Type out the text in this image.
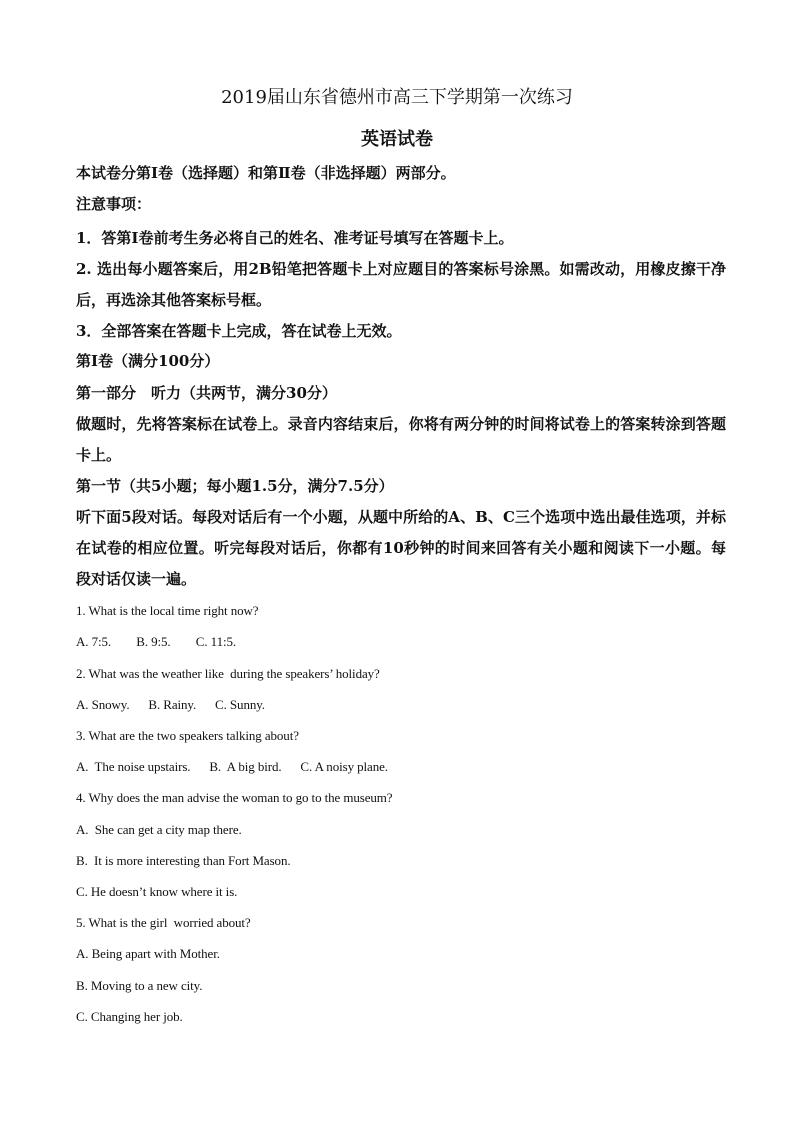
2019届山东省德州市高三下学期第一次练习
英语试卷
本试卷分第Ⅰ卷（选择题）和第Ⅱ卷（非选择题）两部分。
注意事项：
1．答第Ⅰ卷前考生务必将自己的姓名、准考证号填写在答题卡上。
2. 选出每小题答案后，用2B铅笔把答题卡上对应题目的答案标号涂黑。如需改动，用橡皮擦干净后，再选涂其他答案标号框。
3．全部答案在答题卡上完成，答在试卷上无效。
第Ⅰ卷（满分100分）
第一部分　听力（共两节，满分30分）
做题时，先将答案标在试卷上。录音内容结束后，你将有两分钟的时间将试卷上的答案转涂到答题卡上。
第一节（共5小题；每小题1.5分，满分7.5分）
听下面5段对话。每段对话后有一个小题，从题中所给的A、B、C三个选项中选出最佳选项，并标在试卷的相应位置。听完每段对话后，你都有10秒钟的时间来回答有关小题和阅读下一小题。每段对话仅读一遍。
1. What is the local time right now?
A. 7:5.        B. 9:5.        C. 11:5.
2. What was the weather like  during the speakers’ holiday?
A. Snowy.      B. Rainy.      C. Sunny.
3. What are the two speakers talking about?
A.  The noise upstairs.      B.  A big bird.      C. A noisy plane.
4. Why does the man advise the woman to go to the museum?
A.  She can get a city map there.
B.  It is more interesting than Fort Mason.
C. He doesn’t know where it is.
5. What is the girl  worried about?
A. Being apart with Mother.
B. Moving to a new city.
C. Changing her job.
